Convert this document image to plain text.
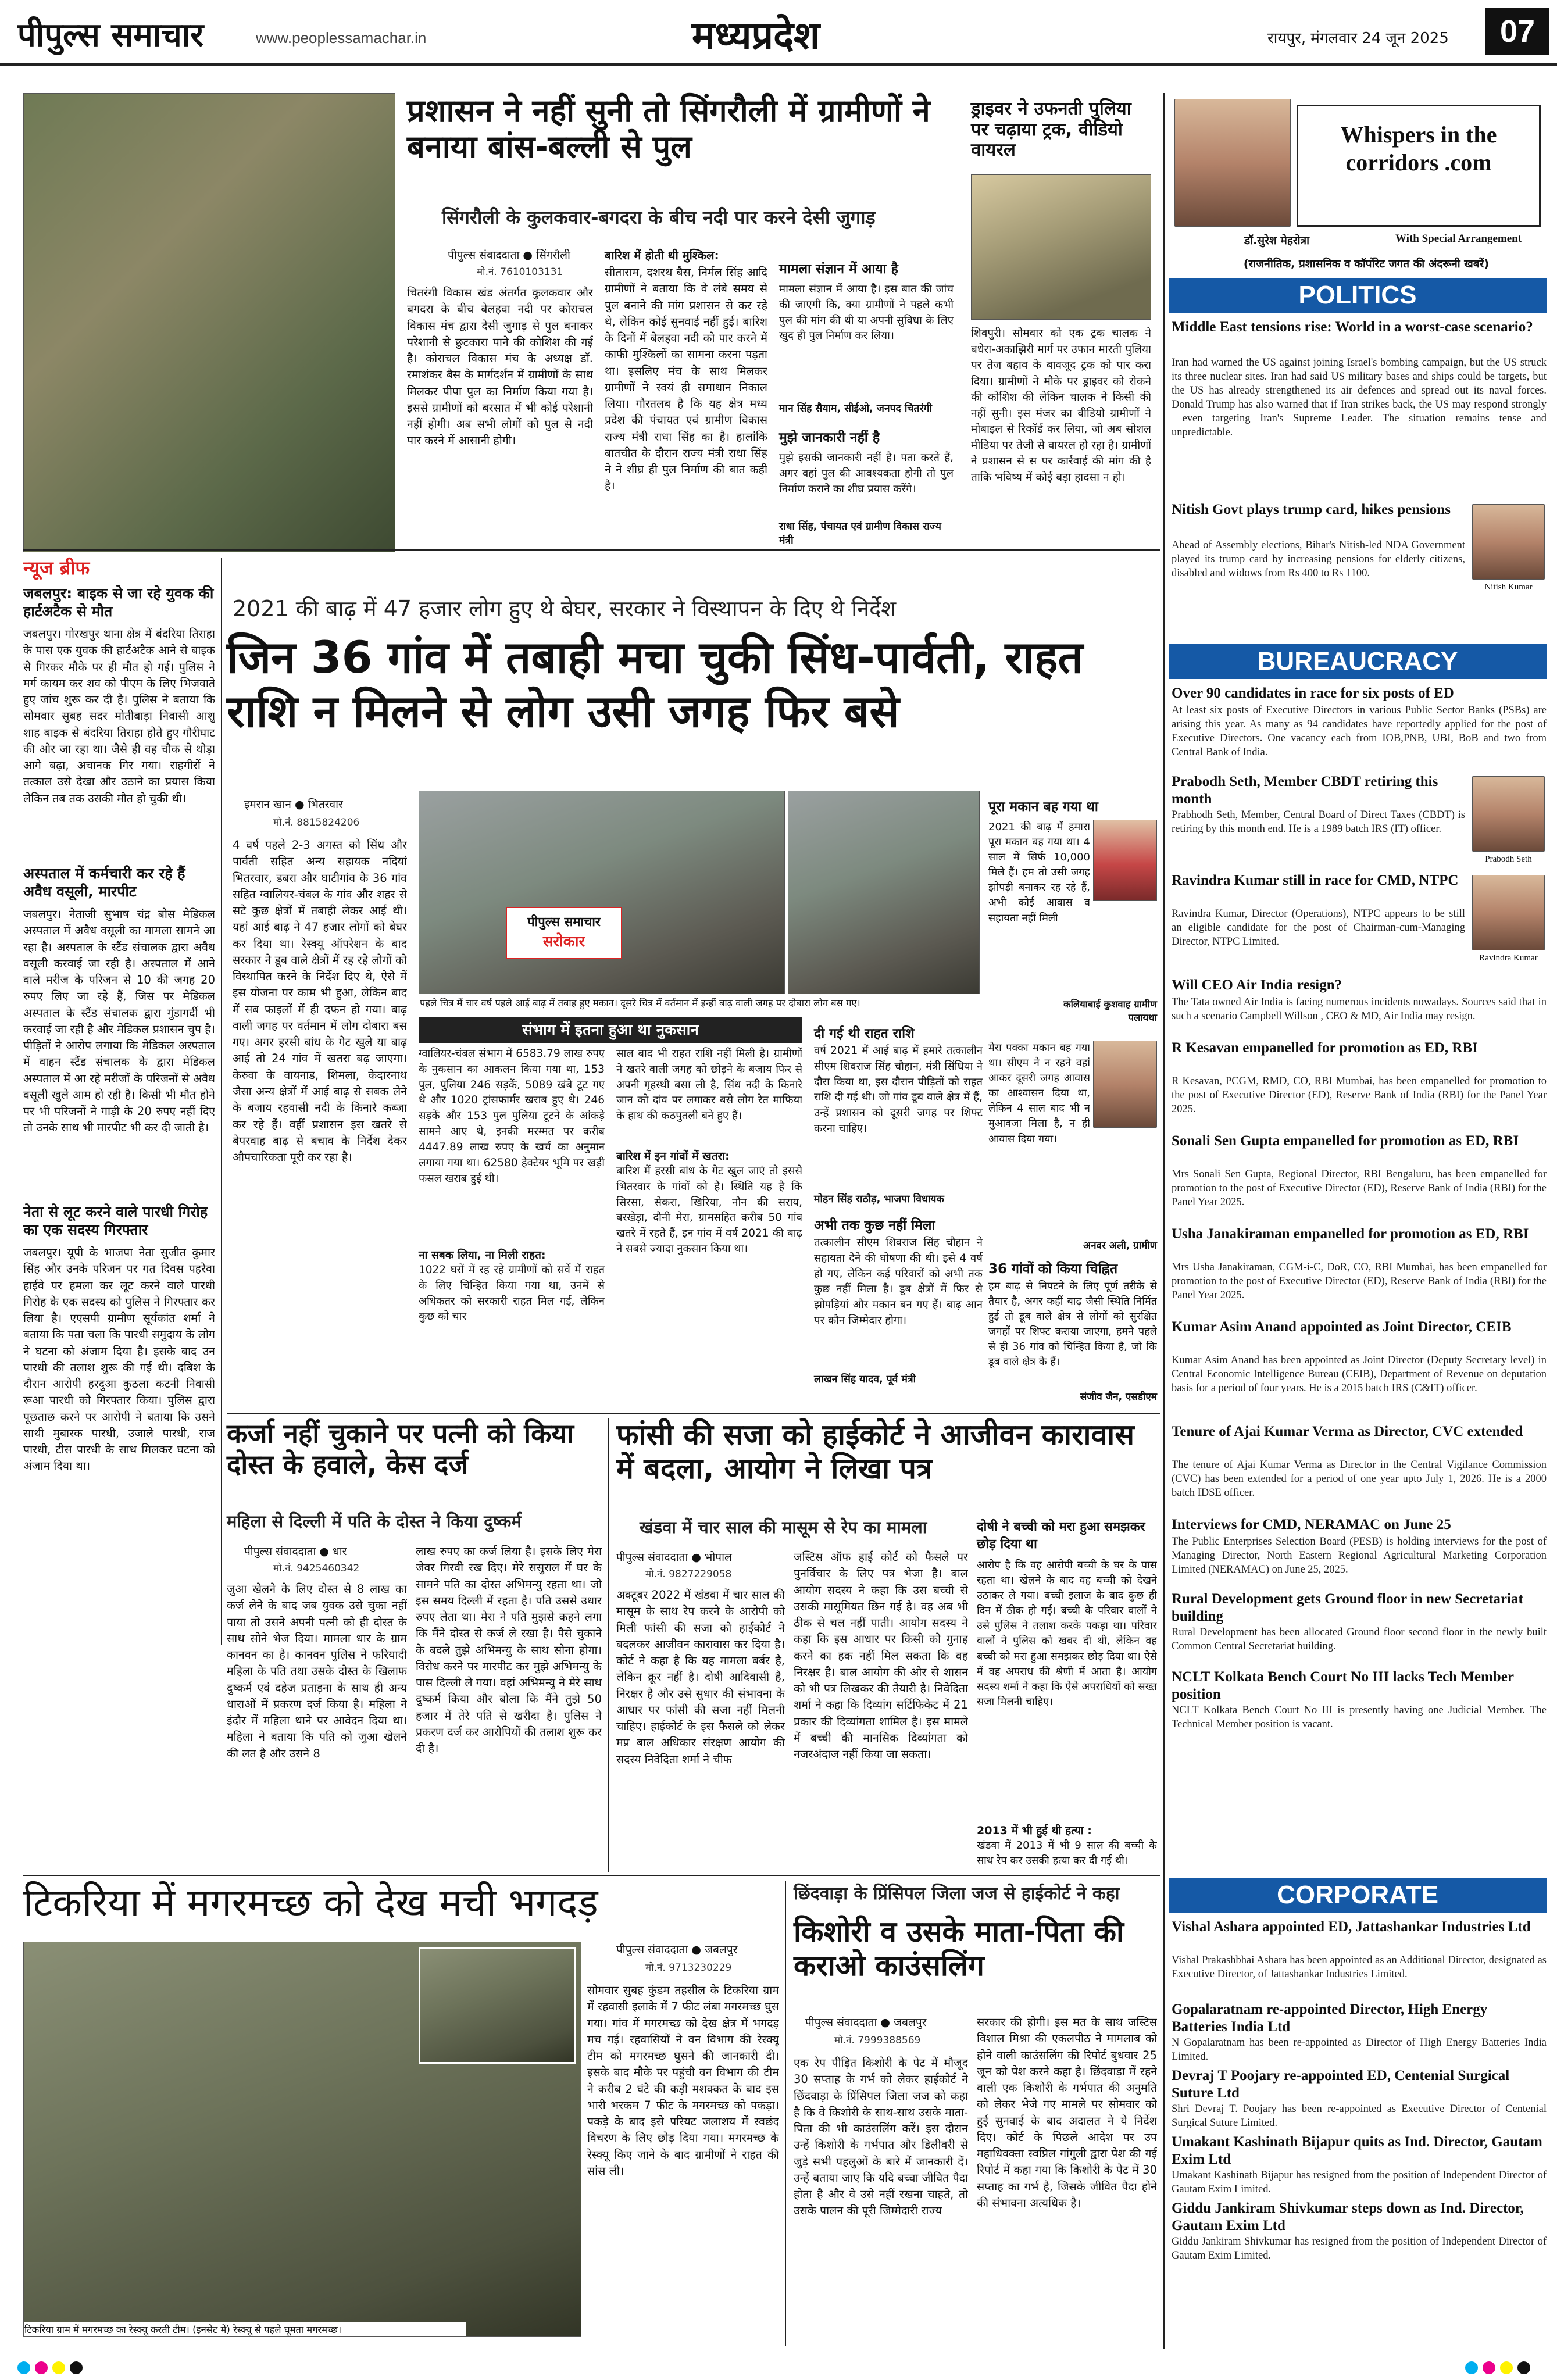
पीपुल्स समाचार	www.peoplessamachar.in	मध्यप्रदेश	रायपुर, मंगलवार 24 जून 2025	07
प्रशासन ने नहीं सुनी तो सिंगरौली में ग्रामीणों ने बनाया बांस-बल्ली से पुल
सिंगरौली के कुलकवार-बगदरा के बीच नदी पार करने देसी जुगाड़
पीपुल्स संवाददाता ● सिंगरौली
मो.नं. 7610103131
चितरंगी विकास खंड अंतर्गत कुलकवार और बगदरा के बीच बेलहवा नदी पर कोराचल विकास मंच द्वारा देसी जुगाड़ से पुल बनाकर परेशानी से छुटकारा पाने की कोशिश की गई है। कोराचल विकास मंच के अध्यक्ष डॉ. रमाशंकर बैस के मार्गदर्शन में ग्रामीणों के साथ मिलकर पीपा पुल का निर्माण किया गया है। इससे ग्रामीणों को बरसात में भी कोई परेशानी नहीं होगी। अब सभी लोगों को पुल से नदी पार करने में आसानी होगी।
बारिश में होती थी मुश्किल:
सीताराम, दशरथ बैस, निर्मल सिंह आदि ग्रामीणों ने बताया कि वे लंबे समय से पुल बनाने की मांग प्रशासन से कर रहे थे, लेकिन कोई सुनवाई नहीं हुई। बारिश के दिनों में बेलहवा नदी को पार करने में काफी मुश्किलों का सामना करना पड़ता था। इसलिए मंच के साथ मिलकर ग्रामीणों ने स्वयं ही समाधान निकाल लिया। गौरतलब है कि यह क्षेत्र मध्य प्रदेश की पंचायत एवं ग्रामीण विकास राज्य मंत्री राधा सिंह का है। हालांकि बातचीत के दौरान राज्य मंत्री राधा सिंह ने ने शीघ्र ही पुल निर्माण की बात कही है।
मामला संज्ञान में आया है
मामला संज्ञान में आया है। इस बात की जांच की जाएगी कि, क्या ग्रामीणों ने पहले कभी पुल की मांग की थी या अपनी सुविधा के लिए खुद ही पुल निर्माण कर लिया।
मान सिंह सैयाम, सीईओ, जनपद चितरंगी
मुझे जानकारी नहीं है
मुझे इसकी जानकारी नहीं है। पता करते हैं, अगर वहां पुल की आवश्यकता होगी तो पुल निर्माण कराने का शीघ्र प्रयास करेंगे।
राधा सिंह, पंचायत एवं ग्रामीण विकास राज्य मंत्री
ड्राइवर ने उफनती पुलिया पर चढ़ाया ट्रक, वीडियो वायरल
शिवपुरी। सोमवार को एक ट्रक चालक ने बधेरा-अकाझिरी मार्ग पर उफान मारती पुलिया पर तेज बहाव के बावजूद ट्रक को पार करा दिया। ग्रामीणों ने मौके पर ड्राइवर को रोकने की कोशिश की लेकिन चालक ने किसी की नहीं सुनी। इस मंजर का वीडियो ग्रामीणों ने मोबाइल से रिकॉर्ड कर लिया, जो अब सोशल मीडिया पर तेजी से वायरल हो रहा है। ग्रामीणों ने प्रशासन से स पर कार्रवाई की मांग की है ताकि भविष्य में कोई बड़ा हादसा न हो।
Whispers in the corridors .com
डॉ.सुरेश मेहरोत्रा	With Special Arrangement
(राजनीतिक, प्रशासनिक व कॉर्पोरेट जगत की अंदरूनी खबरें)
POLITICS
Middle East tensions rise: World in a worst-case scenario?
Iran had warned the US against joining Israel's bombing campaign, but the US struck its three nuclear sites. Iran had said US military bases and ships could be targets, but the US has already strengthened its air defences and spread out its naval forces. Donald Trump has also warned that if Iran strikes back, the US may respond strongly—even targeting Iran's Supreme Leader. The situation remains tense and unpredictable.
Nitish Govt plays trump card, hikes pensions
Ahead of Assembly elections, Bihar's Nitish-led NDA Government played its trump card by increasing pensions for elderly citizens, disabled and widows from Rs 400 to Rs 1100.
Nitish Kumar
BUREAUCRACY
Over 90 candidates in race for six posts of ED
At least six posts of Executive Directors in various Public Sector Banks (PSBs) are arising this year. As many as 94 candidates have reportedly applied for the post of Executive Directors. One vacancy each from IOB,PNB, UBI, BoB and two from Central Bank of India.
Prabodh Seth, Member CBDT retiring this month
Prabhodh Seth, Member, Central Board of Direct Taxes (CBDT) is retiring by this month end. He is a 1989 batch IRS (IT) officer.
Prabodh Seth
Ravindra Kumar still in race for CMD, NTPC
Ravindra Kumar, Director (Operations), NTPC appears to be still an eligible candidate for the post of Chairman-cum-Managing Director, NTPC Limited.
Ravindra Kumar
Will CEO Air India resign?
The Tata owned Air India is facing numerous incidents nowadays. Sources said that in such a scenario Campbell Willson , CEO & MD, Air India may resign.
R Kesavan empanelled for promotion as ED, RBI
R Kesavan, PCGM, RMD, CO, RBI Mumbai, has been empanelled for promotion to the post of Executive Director (ED), Reserve Bank of India (RBI) for the Panel Year 2025.
Sonali Sen Gupta empanelled for promotion as ED, RBI
Mrs Sonali Sen Gupta, Regional Director, RBI Bengaluru, has been empanelled for promotion to the post of Executive Director (ED), Reserve Bank of India (RBI) for the Panel Year 2025.
Usha Janakiraman empanelled for promotion as ED, RBI
Mrs Usha Janakiraman, CGM-i-C, DoR, CO, RBI Mumbai, has been empanelled for promotion to the post of Executive Director (ED), Reserve Bank of India (RBI) for the Panel Year 2025.
Kumar Asim Anand appointed as Joint Director, CEIB
Kumar Asim Anand has been appointed as Joint Director (Deputy Secretary level) in Central Economic Intelligence Bureau (CEIB), Department of Revenue on deputation basis for a period of four years. He is a 2015 batch IRS (C&IT) officer.
Tenure of Ajai Kumar Verma as Director, CVC extended
The tenure of Ajai Kumar Verma as Director in the Central Vigilance Commission (CVC) has been extended for a period of one year upto July 1, 2026. He is a 2000 batch IDSE officer.
Interviews for CMD, NERAMAC on June 25
The Public Enterprises Selection Board (PESB) is holding interviews for the post of Managing Director, North Eastern Regional Agricultural Marketing Corporation Limited (NERAMAC) on June 25, 2025.
Rural Development gets Ground floor in new Secretariat building
Rural Development has been allocated Ground floor second floor in the newly built Common Central Secretariat building.
NCLT Kolkata Bench Court No III lacks Tech Member position
NCLT Kolkata Bench Court No III is presently having one Judicial Member. The Technical Member position is vacant.
CORPORATE
Vishal Ashara appointed ED, Jattashankar Industries Ltd
Vishal Prakashbhai Ashara has been appointed as an Additional Director, designated as Executive Director, of Jattashankar Industries Limited.
Gopalaratnam re-appointed Director, High Energy Batteries India Ltd
N Gopalaratnam has been re-appointed as Director of High Energy Batteries India Limited.
Devraj T Poojary re-appointed ED, Centenial Surgical Suture Ltd
Shri Devraj T. Poojary has been re-appointed as Executive Director of Centenial Surgical Suture Limited.
Umakant Kashinath Bijapur quits as Ind. Director, Gautam Exim Ltd
Umakant Kashinath Bijapur has resigned from the position of Independent Director of Gautam Exim Limited.
Giddu Jankiram Shivkumar steps down as Ind. Director, Gautam Exim Ltd
Giddu Jankiram Shivkumar has resigned from the position of Independent Director of Gautam Exim Limited.
न्यूज ब्रीफ
जबलपुर: बाइक से जा रहे युवक की हार्टअटैक से मौत
जबलपुर। गोरखपुर थाना क्षेत्र में बंदरिया तिराहा के पास एक युवक की हार्टअटैक आने से बाइक से गिरकर मौके पर ही मौत हो गई। पुलिस ने मर्ग कायम कर शव को पीएम के लिए भिजवाते हुए जांच शुरू कर दी है। पुलिस ने बताया कि सोमवार सुबह सदर मोतीबाड़ा निवासी आशु शाह बाइक से बंदरिया तिराहा होते हुए गौरीघाट की ओर जा रहा था। जैसे ही वह चौक से थोड़ा आगे बढ़ा, अचानक गिर गया। राहगीरों ने तत्काल उसे देखा और उठाने का प्रयास किया लेकिन तब तक उसकी मौत हो चुकी थी।
अस्पताल में कर्मचारी कर रहे हैं अवैध वसूली, मारपीट
जबलपुर। नेताजी सुभाष चंद्र बोस मेडिकल अस्पताल में अवैध वसूली का मामला सामने आ रहा है। अस्पताल के स्टैंड संचालक द्वारा अवैध वसूली करवाई जा रही है। अस्पताल में आने वाले मरीज के परिजन से 10 की जगह 20 रुपए लिए जा रहे हैं, जिस पर मेडिकल अस्पताल के स्टैंड संचालक द्वारा गुंडागर्दी भी करवाई जा रही है और मेडिकल प्रशासन चुप है। पीड़ितों ने आरोप लगाया कि मेडिकल अस्पताल में वाहन स्टैंड संचालक के द्वारा मेडिकल अस्पताल में आ रहे मरीजों के परिजनों से अवैध वसूली खुले आम हो रही है। किसी भी मौत होने पर भी परिजनों ने गाड़ी के 20 रुपए नहीं दिए तो उनके साथ भी मारपीट भी कर दी जाती है।
नेता से लूट करने वाले पारधी गिरोह का एक सदस्य गिरफ्तार
जबलपुर। यूपी के भाजपा नेता सुजीत कुमार सिंह और उनके परिजन पर गत दिवस पहरेवा हाईवे पर हमला कर लूट करने वाले पारधी गिरोह के एक सदस्य को पुलिस ने गिरफ्तार कर लिया है। एएसपी ग्रामीण सूर्यकांत शर्मा ने बताया कि पता चला कि पारधी समुदाय के लोग ने घटना को अंजाम दिया है। इसके बाद उन पारधी की तलाश शुरू की गई थी। दबिश के दौरान आरोपी हरदुआ कुठला कटनी निवासी रूआ पारधी को गिरफ्तार किया। पुलिस द्वारा पूछताछ करने पर आरोपी ने बताया कि उसने साथी मुबारक पारधी, उजाले पारधी, राज पारधी, टीस पारधी के साथ मिलकर घटना को अंजाम दिया था।
2021 की बाढ़ में 47 हजार लोग हुए थे बेघर, सरकार ने विस्थापन के दिए थे निर्देश
जिन 36 गांव में तबाही मचा चुकी सिंध-पार्वती, राहत राशि न मिलने से लोग उसी जगह फिर बसे
इमरान खान ● भितरवार
मो.नं. 8815824206
पहले चित्र में चार वर्ष पहले आई बाढ़ में तबाह हुए मकान। दूसरे चित्र में वर्तमान में इन्हीं बाढ़ वाली जगह पर दोबारा लोग बस गए।
पीपुल्स समाचार
सरोकार
4 वर्ष पहले 2-3 अगस्त को सिंध और पार्वती सहित अन्य सहायक नदियां भितरवार, डबरा और घाटीगांव के 36 गांव सहित ग्वालियर-चंबल के गांव और शहर से सटे कुछ क्षेत्रों में तबाही लेकर आई थी। यहां आई बाढ़ ने 47 हजार लोगों को बेघर कर दिया था। रेस्क्यू ऑपरेशन के बाद सरकार ने डूब वाले क्षेत्रों में रह रहे लोगों को विस्थापित करने के निर्देश दिए थे, ऐसे में इस योजना पर काम भी हुआ, लेकिन बाद में सब फाइलों में ही दफन हो गया। बाढ़ वाली जगह पर वर्तमान में लोग दोबारा बस गए। अगर हरसी बांध के गेट खुले या बाढ़ आई तो 24 गांव में खतरा बढ़ जाएगा। केरुवा के वायनाड, शिमला, केदारनाथ जैसा अन्य क्षेत्रों में आई बाढ़ से सबक लेने के बजाय रहवासी नदी के किनारे कब्जा कर रहे हैं। वहीं प्रशासन इस खतरे से बेपरवाह बाढ़ से बचाव के निर्देश देकर औपचारिकता पूरी कर रहा है।
संभाग में इतना हुआ था नुकसान
ग्वालियर-चंबल संभाग में 6583.79 लाख रुपए के नुकसान का आकलन किया गया था, 153 पुल, पुलिया 246 सड़कें, 5089 खंबे टूट गए थे और 1020 ट्रांसफार्मर खराब हुए थे। 246 सड़कें और 153 पुल पुलिया टूटने के आंकड़े सामने आए थे, इनकी मरम्मत पर करीब 4447.89 लाख रुपए के खर्च का अनुमान लगाया गया था। 62580 हेक्टेयर भूमि पर खड़ी फसल खराब हुई थी।
ना सबक लिया, ना मिली राहत:
1022 घरों में रह रहे ग्रामीणों को सर्वे में राहत के लिए चिन्हित किया गया था, उनमें से अधिकतर को सरकारी राहत मिल गई, लेकिन कुछ को चार
साल बाद भी राहत राशि नहीं मिली है। ग्रामीणों ने खतरे वाली जगह को छोड़ने के बजाय फिर से अपनी गृहस्थी बसा ली है, सिंध नदी के किनारे जान को दांव पर लगाकर बसे लोग रेत माफिया के हाथ की कठपुतली बने हुए हैं।
बारिश में इन गांवों में खतरा:
बारिश में हरसी बांध के गेट खुल जाएं तो इससे भितरवार के गांवों को है। स्थिति यह है कि सिरसा, सेकरा, खिरिया, नौन की सराय, बरखेड़ा, दौनी मेरा, ग्रामसहित करीब 50 गांव खतरे में रहते हैं, इन गांव में वर्ष 2021 की बाढ़ ने सबसे ज्यादा नुकसान किया था।
दी गई थी राहत राशि
वर्ष 2021 में आई बाढ़ में हमारे तत्कालीन सीएम शिवराज सिंह चौहान, मंत्री सिंधिया ने दौरा किया था, इस दौरान पीड़ितों को राहत राशि दी गई थी। जो गांव डूब वाले क्षेत्र में हैं, उन्हें प्रशासन को दूसरी जगह पर शिफ्ट करना चाहिए।
मोहन सिंह राठौड़, भाजपा विधायक
अभी तक कुछ नहीं मिला
तत्कालीन सीएम शिवराज सिंह चौहान ने सहायता देने की घोषणा की थी। इसे 4 वर्ष हो गए, लेकिन कई परिवारों को अभी तक कुछ नहीं मिला है। डूब क्षेत्रों में फिर से झोपड़ियां और मकान बन गए हैं। बाढ़ आन पर कौन जिम्मेदार होगा।
लाखन सिंह यादव, पूर्व मंत्री
पूरा मकान बह गया था
2021 की बाढ़ में हमारा पूरा मकान बह गया था। 4 साल में सिर्फ 10,000 मिले हैं। हम तो उसी जगह झोपड़ी बनाकर रह रहे हैं, अभी कोई आवास व सहायता नहीं मिली
कलियाबाई कुशवाह ग्रामीण पलायथा
मेरा पक्का मकान बह गया था। सीएम ने न रहने वहां आकर दूसरी जगह आवास का आश्वासन दिया था, लेकिन 4 साल बाद भी न मुआवजा मिला है, न ही आवास दिया गया।
अनवर अली, ग्रामीण
36 गांवों को किया चिह्नित
हम बाढ़ से निपटने के लिए पूर्ण तरीके से तैयार है, अगर कहीं बाढ़ जैसी स्थिति निर्मित हुई तो डूब वाले क्षेत्र से लोगों को सुरक्षित जगहों पर शिफ्ट कराया जाएगा, हमने पहले से ही 36 गांव को चिन्हित किया है, जो कि डूब वाले क्षेत्र के हैं।
संजीव जैन, एसडीएम
कर्जा नहीं चुकाने पर पत्नी को किया दोस्त के हवाले, केस दर्ज
महिला से दिल्ली में पति के दोस्त ने किया दुष्कर्म
पीपुल्स संवाददाता ● धार
मो.नं. 9425460342
जुआ खेलने के लिए दोस्त से 8 लाख का कर्ज लेने के बाद जब युवक उसे चुका नहीं पाया तो उसने अपनी पत्नी को ही दोस्त के साथ सोने भेज दिया। मामला धार के ग्राम कानवन का है। कानवन पुलिस ने फरियादी महिला के पति तथा उसके दोस्त के खिलाफ दुष्कर्म एवं दहेज प्रताड़ना के साथ ही अन्य धाराओं में प्रकरण दर्ज किया है। महिला ने इंदौर में महिला थाने पर आवेदन दिया था। महिला ने बताया कि पति को जुआ खेलने की लत है और उसने 8
लाख रुपए का कर्ज लिया है। इसके लिए मेरा जेवर गिरवी रख दिए। मेरे ससुराल में घर के सामने पति का दोस्त अभिमन्यु रहता था। जो इस समय दिल्ली में रहता है। पति उससे उधार रुपए लेता था। मेरा ने पति मुझसे कहने लगा कि मैंने दोस्त से कर्ज ले रखा है। पैसे चुकाने के बदले तुझे अभिमन्यु के साथ सोना होगा। विरोध करने पर मारपीट कर मुझे अभिमन्यु के पास दिल्ली ले गया। वहां अभिमन्यु ने मेरे साथ दुष्कर्म किया और बोला कि मैंने तुझे 50 हजार में तेरे पति से खरीदा है। पुलिस ने प्रकरण दर्ज कर आरोपियों की तलाश शुरू कर दी है।
फांसी की सजा को हाईकोर्ट ने आजीवन कारावास में बदला, आयोग ने लिखा पत्र
खंडवा में चार साल की मासूम से रेप का मामला
पीपुल्स संवाददाता ● भोपाल
मो.नं. 9827229058
अक्टूबर 2022 में खंडवा में चार साल की मासूम के साथ रेप करने के आरोपी को मिली फांसी की सजा को हाईकोर्ट ने बदलकर आजीवन कारावास कर दिया है। कोर्ट ने कहा है कि यह मामला बर्बर है, लेकिन क्रूर नहीं है। दोषी आदिवासी है, निरक्षर है और उसे सुधार की संभावना के आधार पर फांसी की सजा नहीं मिलनी चाहिए। हाईकोर्ट के इस फैसले को लेकर मप्र बाल अधिकार संरक्षण आयोग की सदस्य निवेदिता शर्मा ने चीफ
जस्टिस ऑफ हाई कोर्ट को फैसले पर पुनर्विचार के लिए पत्र भेजा है। बाल आयोग सदस्य ने कहा कि उस बच्ची से उसकी मासूमियत छिन गई है। वह अब भी ठीक से चल नहीं पाती। आयोग सदस्य ने कहा कि इस आधार पर किसी को गुनाह करने का हक नहीं मिल सकता कि वह निरक्षर है। बाल आयोग की ओर से शासन को भी पत्र लिखकर की तैयारी है। निवेदिता शर्मा ने कहा कि दिव्यांग सर्टिफिकेट में 21 प्रकार की दिव्यांगता शामिल है। इस मामले में बच्ची की मानसिक दिव्यांगता को नजरअंदाज नहीं किया जा सकता।
दोषी ने बच्ची को मरा हुआ समझकर छोड़ दिया था
आरोप है कि वह आरोपी बच्ची के घर के पास रहता था। खेलने के बाद वह बच्ची को देखने उठाकर ले गया। बच्ची इलाज के बाद कुछ ही दिन में ठीक हो गई। बच्ची के परिवार वालों ने उसे पुलिस ने तलाश करके पकड़ा था। परिवार वालों ने पुलिस को खबर दी थी, लेकिन वह बच्ची को मरा हुआ समझकर छोड़ दिया था। ऐसे में वह अपराध की श्रेणी में आता है। आयोग सदस्य शर्मा ने कहा कि ऐसे अपराधियों को सख्त सजा मिलनी चाहिए।
2013 में भी हुई थी हत्या :
खंडवा में 2013 में भी 9 साल की बच्ची के साथ रेप कर उसकी हत्या कर दी गई थी।
टिकरिया में मगरमच्छ को देख मची भगदड़
टिकरिया ग्राम में मगरमच्छ का रेस्क्यू करती टीम। (इनसेट में) रेस्क्यू से पहले घूमता मगरमच्छ।
पीपुल्स संवाददाता ● जबलपुर
मो.नं. 9713230229
सोमवार सुबह कुंडम तहसील के टिकरिया ग्राम में रहवासी इलाके में 7 फीट लंबा मगरमच्छ घुस गया। गांव में मगरमच्छ को देख क्षेत्र में भगदड़ मच गई। रहवासियों ने वन विभाग की रेस्क्यू टीम को मगरमच्छ घुसने की जानकारी दी। इसके बाद मौके पर पहुंची वन विभाग की टीम ने करीब 2 घंटे की कड़ी मशक्कत के बाद इस भारी भरकम 7 फीट के मगरमच्छ को पकड़ा। पकड़े के बाद इसे परियट जलाशय में स्वछंद विचरण के लिए छोड़ दिया गया। मगरमच्छ के रेस्क्यू किए जाने के बाद ग्रामीणों ने राहत की सांस ली।
छिंदवाड़ा के प्रिंसिपल जिला जज से हाईकोर्ट ने कहा
किशोरी व उसके माता-पिता की कराओ काउंसलिंग
पीपुल्स संवाददाता ● जबलपुर
मो.नं. 7999388569
एक रेप पीड़ित किशोरी के पेट में मौजूद 30 सप्ताह के गर्भ को लेकर हाईकोर्ट ने छिंदवाड़ा के प्रिंसिपल जिला जज को कहा है कि वे किशोरी के साथ-साथ उसके माता-पिता की भी काउंसलिंग करें। इस दौरान उन्हें किशोरी के गर्भपात और डिलीवरी से जुड़े सभी पहलुओं के बारे में जानकारी दें। उन्हें बताया जाए कि यदि बच्चा जीवित पैदा होता है और वे उसे नहीं रखना चाहते, तो उसके पालन की पूरी जिम्मेदारी राज्य
सरकार की होगी। इस मत के साथ जस्टिस विशाल मिश्रा की एकलपीठ ने मामलाब को होने वाली काउंसलिंग की रिपोर्ट बुधवार 25 जून को पेश करने कहा है। छिंदवाड़ा में रहने वाली एक किशोरी के गर्भपात की अनुमति को लेकर भेजे गए मामले पर सोमवार को हुई सुनवाई के बाद अदालत ने ये निर्देश दिए। कोर्ट के पिछले आदेश पर उप महाधिवक्ता स्वप्निल गांगुली द्वारा पेश की गई रिपोर्ट में कहा गया कि किशोरी के पेट में 30 सप्ताह का गर्भ है, जिसके जीवित पैदा होने की संभावना अत्यधिक है।
